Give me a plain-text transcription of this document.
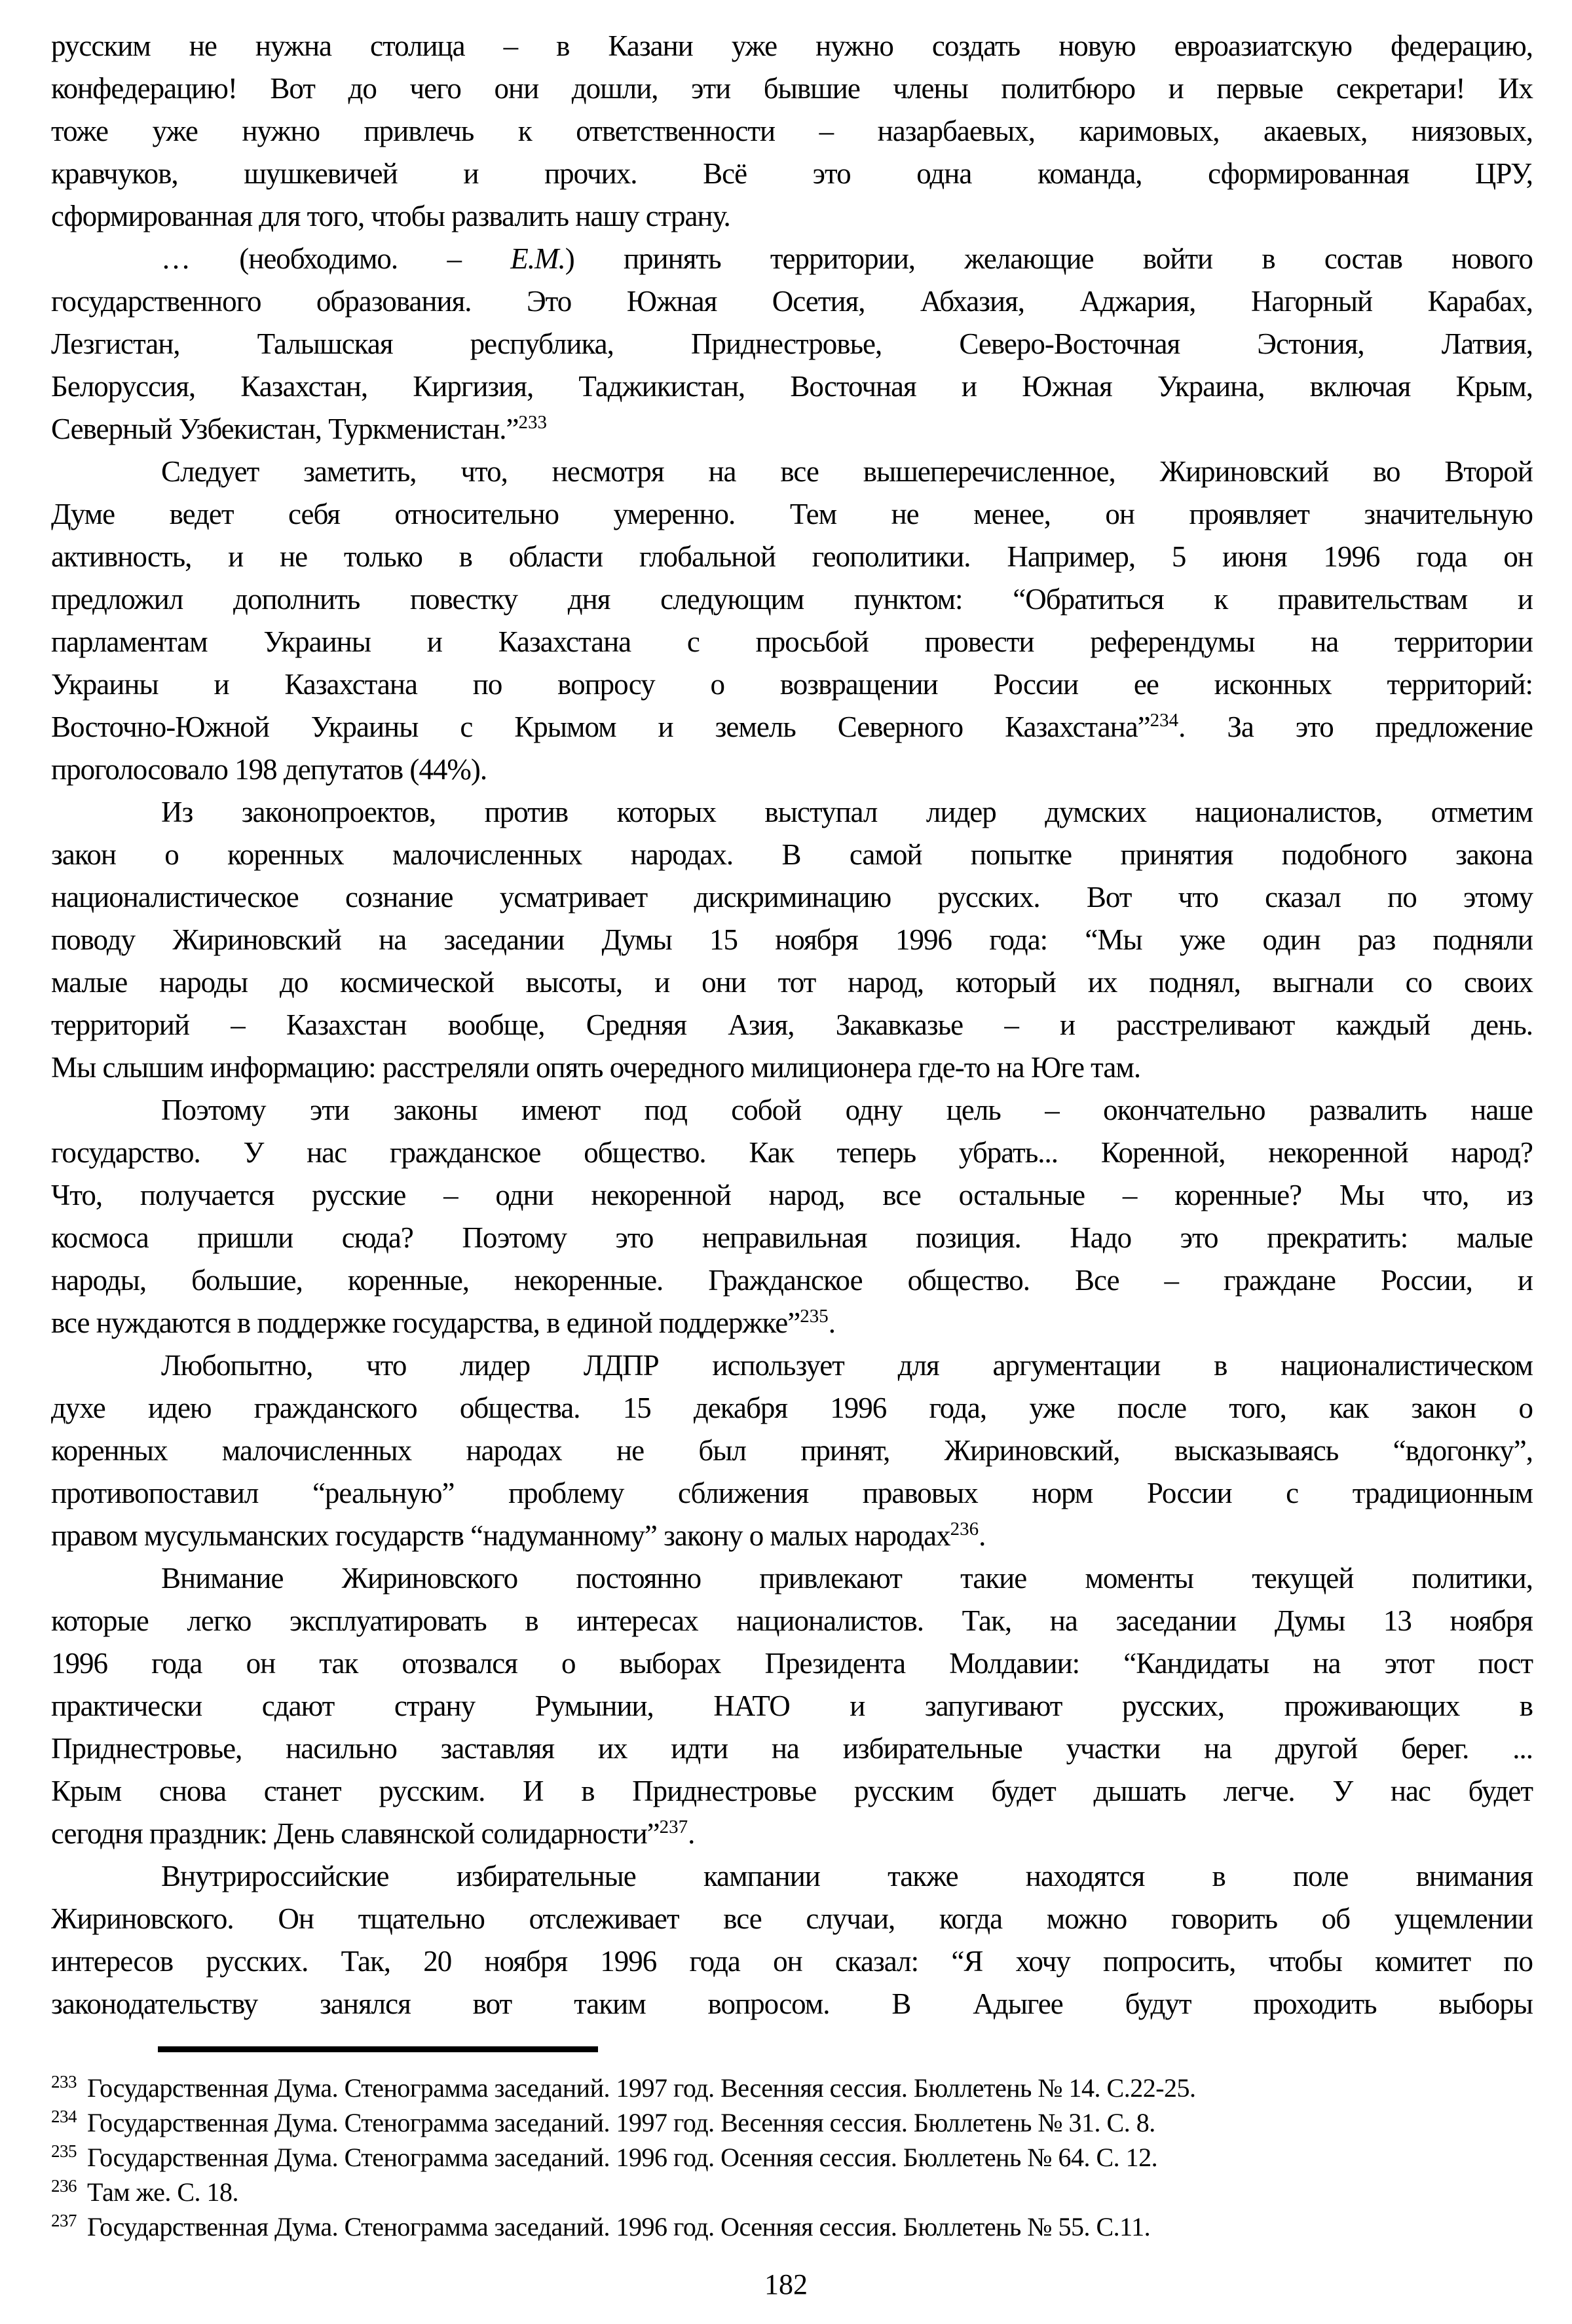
русским не нужна столица – в Казани уже нужно создать новую евроазиатскую федерацию,
конфедерацию! Вот до чего они дошли, эти бывшие члены политбюро и первые секретари! Их
тоже уже нужно привлечь к ответственности – назарбаевых, каримовых, акаевых, ниязовых,
кравчуков, шушкевичей и прочих. Всё это одна команда, сформированная ЦРУ,
сформированная для того, чтобы развалить нашу страну.
… (необходимо. – Е.М.) принять территории, желающие войти в состав нового
государственного образования. Это Южная Осетия, Абхазия, Аджария, Нагорный Карабах,
Лезгистан, Талышская республика, Приднестровье, Северо-Восточная Эстония, Латвия,
Белоруссия, Казахстан, Киргизия, Таджикистан, Восточная и Южная Украина, включая Крым,
Северный Узбекистан, Туркменистан.”$^{233}$
Следует заметить, что, несмотря на все вышеперечисленное, Жириновский во Второй
Думе ведет себя относительно умеренно. Тем не менее, он проявляет значительную
активность, и не только в области глобальной геополитики. Например, 5 июня 1996 года он
предложил дополнить повестку дня следующим пунктом: “Обратиться к правительствам и
парламентам Украины и Казахстана с просьбой провести референдумы на территории
Украины и Казахстана по вопросу о возвращении России ее исконных территорий:
Восточно-Южной Украины с Крымом и земель Северного Казахстана”$^{234}$. За это предложение
проголосовало 198 депутатов (44%).
Из законопроектов, против которых выступал лидер думских националистов, отметим
закон о коренных малочисленных народах. В самой попытке принятия подобного закона
националистическое сознание усматривает дискриминацию русских. Вот что сказал по этому
поводу Жириновский на заседании Думы 15 ноября 1996 года: “Мы уже один раз подняли
малые народы до космической высоты, и они тот народ, который их поднял, выгнали со своих
территорий – Казахстан вообще, Средняя Азия, Закавказье – и расстреливают каждый день.
Мы слышим информацию: расстреляли опять очередного милиционера где-то на Юге там.
Поэтому эти законы имеют под собой одну цель – окончательно развалить наше
государство. У нас гражданское общество. Как теперь убрать... Коренной, некоренной народ?
Что, получается русские – одни некоренной народ, все остальные – коренные? Мы что, из
космоса пришли сюда? Поэтому это неправильная позиция. Надо это прекратить: малые
народы, большие, коренные, некоренные. Гражданское общество. Все – граждане России, и
все нуждаются в поддержке государства, в единой поддержке”$^{235}$.
Любопытно, что лидер ЛДПР использует для аргументации в националистическом
духе идею гражданского общества. 15 декабря 1996 года, уже после того, как закон о
коренных малочисленных народах не был принят, Жириновский, высказываясь “вдогонку”,
противопоставил “реальную” проблему сближения правовых норм России с традиционным
правом мусульманских государств “надуманному” закону о малых народах$^{236}$.
Внимание Жириновского постоянно привлекают такие моменты текущей политики,
которые легко эксплуатировать в интересах националистов. Так, на заседании Думы 13 ноября
1996 года он так отозвался о выборах Президента Молдавии: “Кандидаты на этот пост
практически сдают страну Румынии, НАТО и запугивают русских, проживающих в
Приднестровье, насильно заставляя их идти на избирательные участки на другой берег. ...
Крым снова станет русским. И в Приднестровье русским будет дышать легче. У нас будет
сегодня праздник: День славянской солидарности”$^{237}$.
Внутрироссийские избирательные кампании также находятся в поле внимания
Жириновского. Он тщательно отслеживает все случаи, когда можно говорить об ущемлении
интересов русских. Так, 20 ноября 1996 года он сказал: “Я хочу попросить, чтобы комитет по
законодательству занялся вот таким вопросом. В Адыгее будут проходить выборы
$^{233}$ Государственная Дума. Стенограмма заседаний. 1997 год. Весенняя сессия. Бюллетень № 14. С.22-25.
$^{234}$ Государственная Дума. Стенограмма заседаний. 1997 год. Весенняя сессия. Бюллетень № 31. С. 8.
$^{235}$ Государственная Дума. Стенограмма заседаний. 1996 год. Осенняя сессия. Бюллетень № 64. С. 12.
$^{236}$ Там же. С. 18.
$^{237}$ Государственная Дума. Стенограмма заседаний. 1996 год. Осенняя сессия. Бюллетень № 55. С.11.
182
